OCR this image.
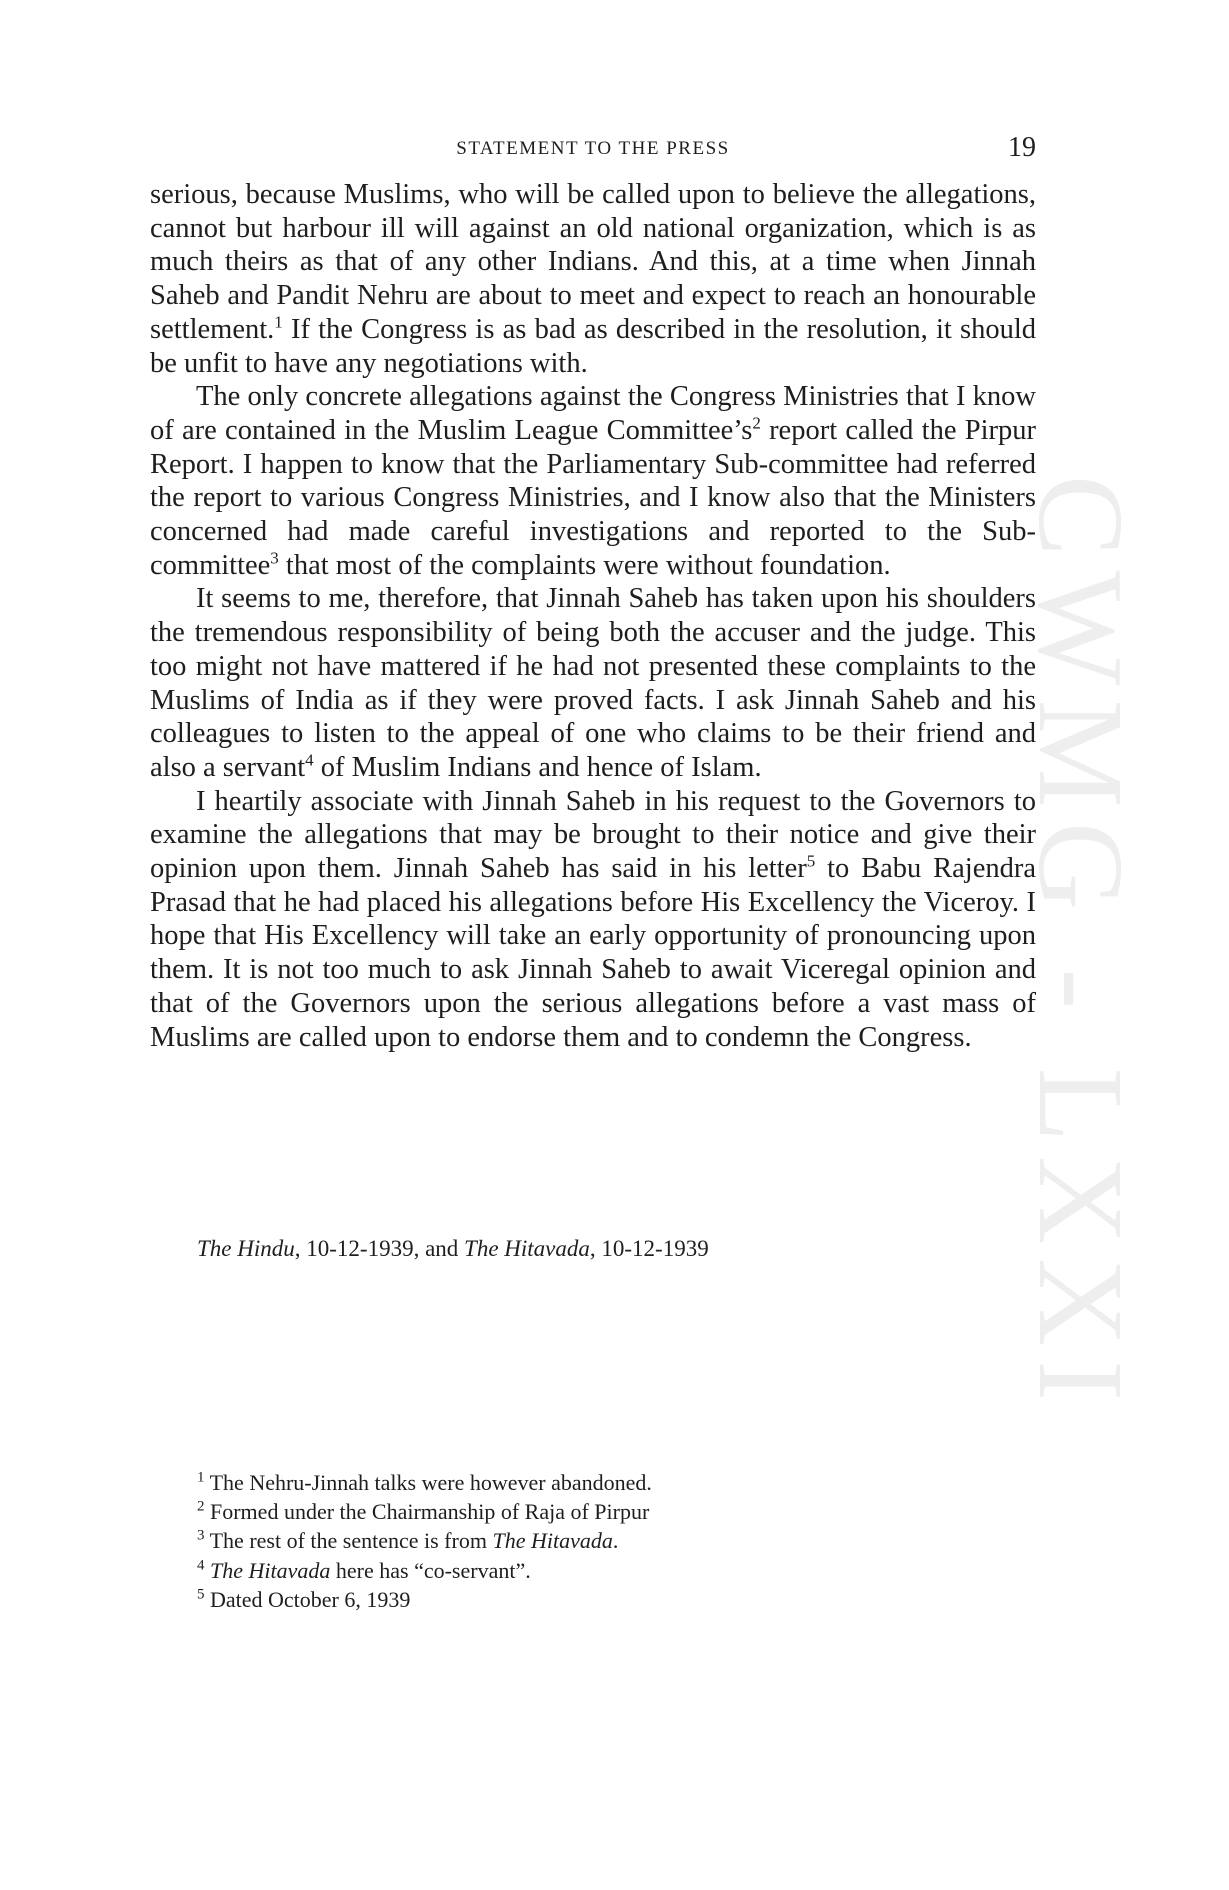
CWMG - LXXI
STATEMENT TO THE PRESS	19

serious, because Muslims, who will be called upon to believe the allegations, cannot but harbour ill will against an old national organization, which is as much theirs as that of any other Indians. And this, at a time when Jinnah Saheb and Pandit Nehru are about to meet and expect to reach an honourable settlement.$^1$ If the Congress is as bad as described in the resolution, it should be unfit to have any negotiations with.

The only concrete allegations against the Congress Ministries that I know of are contained in the Muslim League $Committee’s^2$ report called the Pirpur Report. I happen to know that the Parliamentary Sub-committee had referred the report to various Congress Ministries, and I know also that the Ministers concerned had made careful investigations and reported to the Sub-committee$^3$ that most of the complaints were without foundation.

It seems to me, therefore, that Jinnah Saheb has taken upon his shoulders the tremendous responsibility of being both the accuser and the judge. This too might not have mattered if he had not presented these complaints to the Muslims of India as if they were proved facts. I ask Jinnah Saheb and his colleagues to listen to the appeal of one who claims to be their friend and also a servant$^4$ of Muslim Indians and hence of Islam.

I heartily associate with Jinnah Saheb in his request to the Governors to examine the allegations that may be brought to their notice and give their opinion upon them. Jinnah Saheb has said in his letter$^5$ to Babu Rajendra Prasad that he had placed his allegations before His Excellency the Viceroy. I hope that His Excellency will take an early opportunity of pronouncing upon them. It is not too much to ask Jinnah Saheb to await Viceregal opinion and that of the Governors upon the serious allegations before a vast mass of Muslims are called upon to endorse them and to condemn the Congress.

The Hindu, 10-12-1939, and The Hitavada, 10-12-1939
$^1$ The Nehru-Jinnah talks were however abandoned.
$^2$ Formed under the Chairmanship of Raja of Pirpur
$^3$ The rest of the sentence is from The Hitavada.
$^4$ The Hitavada here has “co-servant”.
$^5$ Dated October 6, 1939
